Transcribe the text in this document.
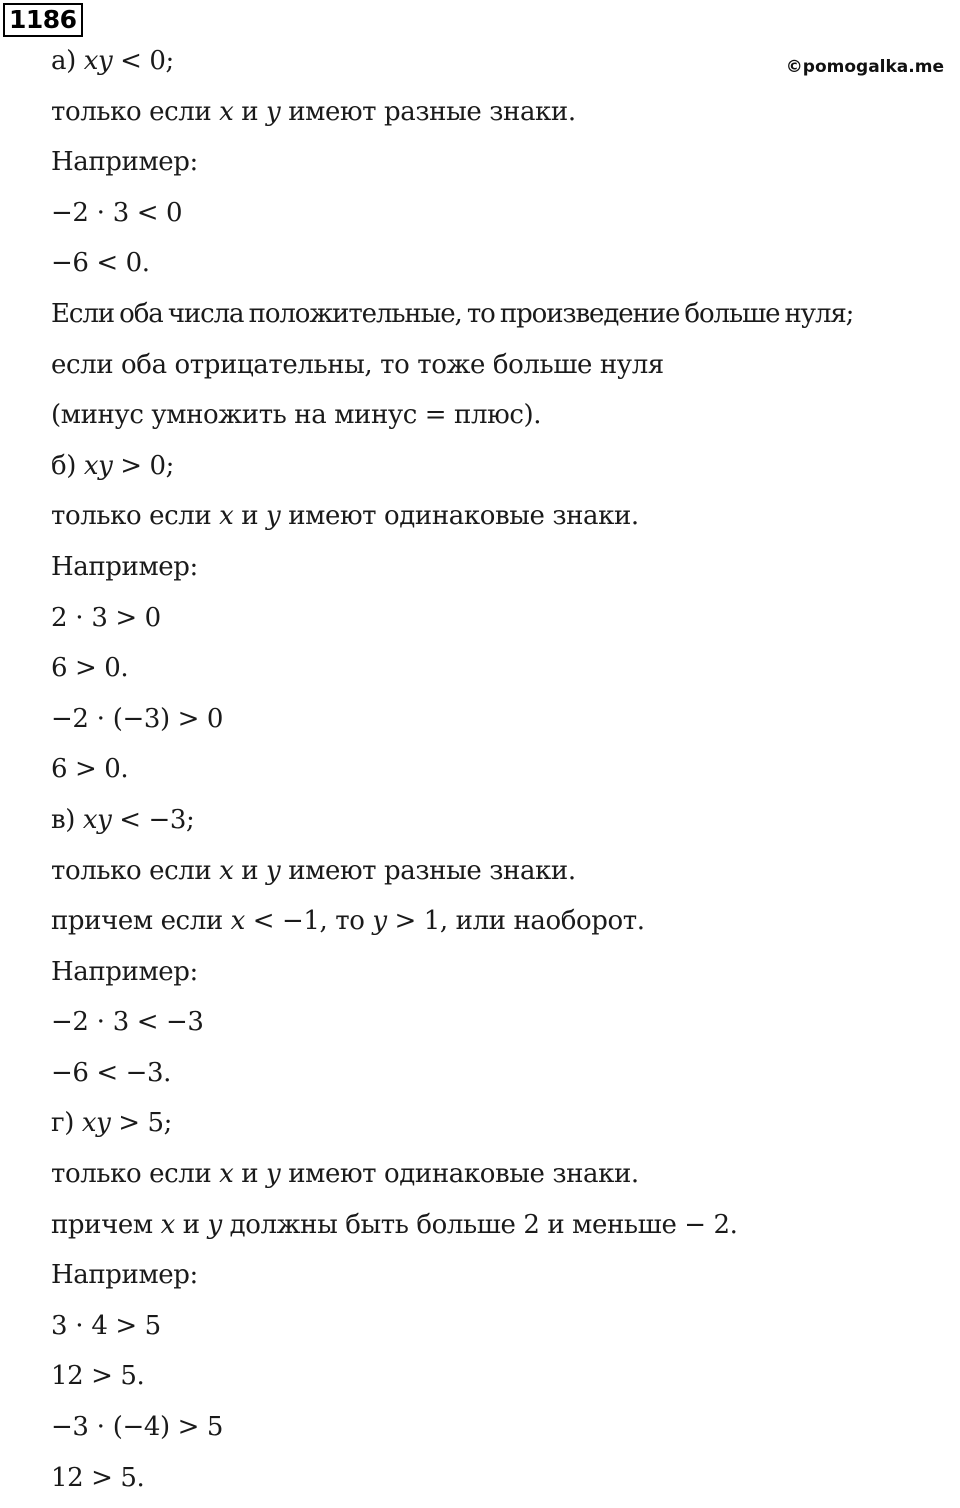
1186
©pomogalka.me
а) 𝑥𝑦 < 0;
только если 𝑥 и 𝑦 имеют разные знаки.
Например:
−2 ⋅ 3 < 0
−6 < 0.
Если оба числа положительные, то произведение больше нуля;
если оба отрицательны, то тоже больше нуля
(минус умножить на минус = плюс).
б) 𝑥𝑦 > 0;
только если 𝑥 и 𝑦 имеют одинаковые знаки.
Например:
2 ⋅ 3 > 0
6 > 0.
−2 ⋅ (−3) > 0
6 > 0.
в) 𝑥𝑦 < −3;
только если 𝑥 и 𝑦 имеют разные знаки.
причем если 𝑥 < −1, то 𝑦 > 1, или наоборот.
Например:
−2 ⋅ 3 < −3
−6 < −3.
г) 𝑥𝑦 > 5;
только если 𝑥 и 𝑦 имеют одинаковые знаки.
причем 𝑥 и 𝑦 должны быть больше 2 и меньше − 2.
Например:
3 ⋅ 4 > 5
12 > 5.
−3 ⋅ (−4) > 5
12 > 5.
